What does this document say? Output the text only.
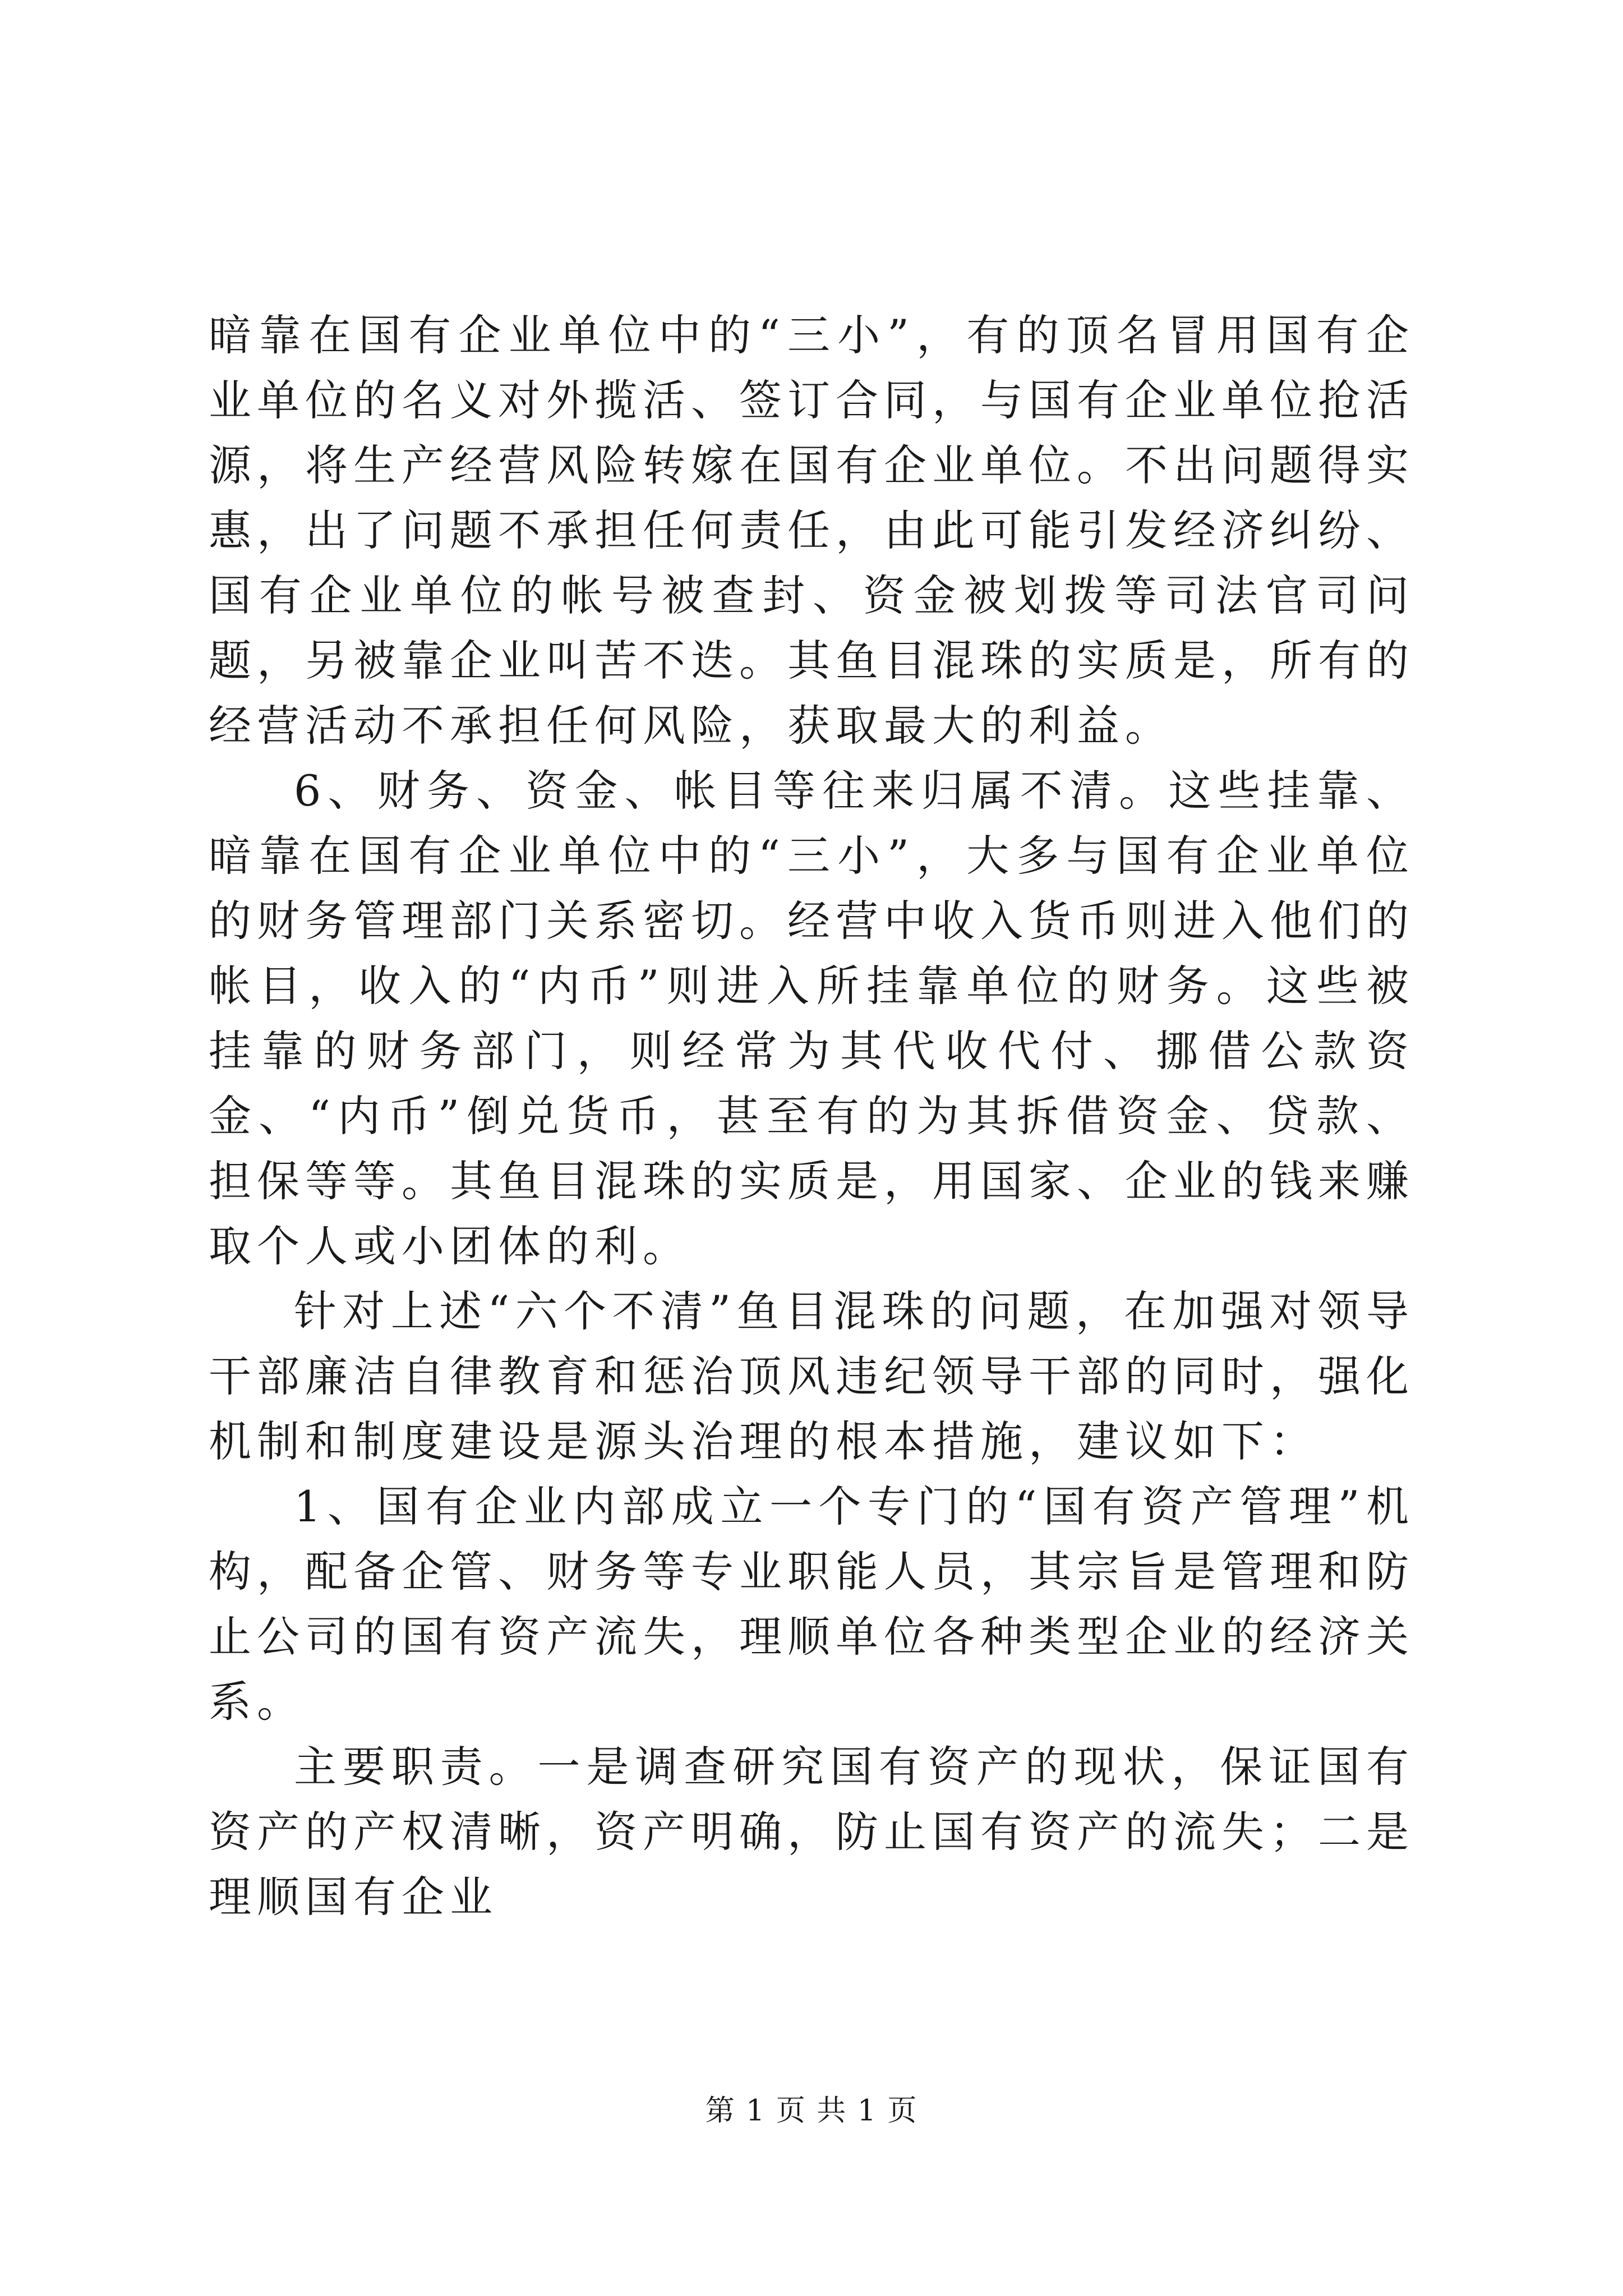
暗靠在国有企业单位中的“三小”，有的顶名冒用国有企业单位的名义对外揽活、签订合同，与国有企业单位抢活源，将生产经营风险转嫁在国有企业单位。不出问题得实惠，出了问题不承担任何责任，由此可能引发经济纠纷、国有企业单位的帐号被查封、资金被划拨等司法官司问题，另被靠企业叫苦不迭。其鱼目混珠的实质是，所有的经营活动不承担任何风险，获取最大的利益。

6、财务、资金、帐目等往来归属不清。这些挂靠、暗靠在国有企业单位中的“三小”，大多与国有企业单位的财务管理部门关系密切。经营中收入货币则进入他们的帐目，收入的“内币”则进入所挂靠单位的财务。这些被挂靠的财务部门，则经常为其代收代付、挪借公款资金、“内币”倒兑货币，甚至有的为其拆借资金、贷款、担保等等。其鱼目混珠的实质是，用国家、企业的钱来赚取个人或小团体的利。

针对上述“六个不清”鱼目混珠的问题，在加强对领导干部廉洁自律教育和惩治顶风违纪领导干部的同时，强化机制和制度建设是源头治理的根本措施，建议如下：

1、国有企业内部成立一个专门的“国有资产管理”机构，配备企管、财务等专业职能人员，其宗旨是管理和防止公司的国有资产流失，理顺单位各种类型企业的经济关系。

主要职责。一是调查研究国有资产的现状，保证国有资产的产权清晰，资产明确，防止国有资产的流失；二是理顺国有企业

第 1 页 共 1 页
